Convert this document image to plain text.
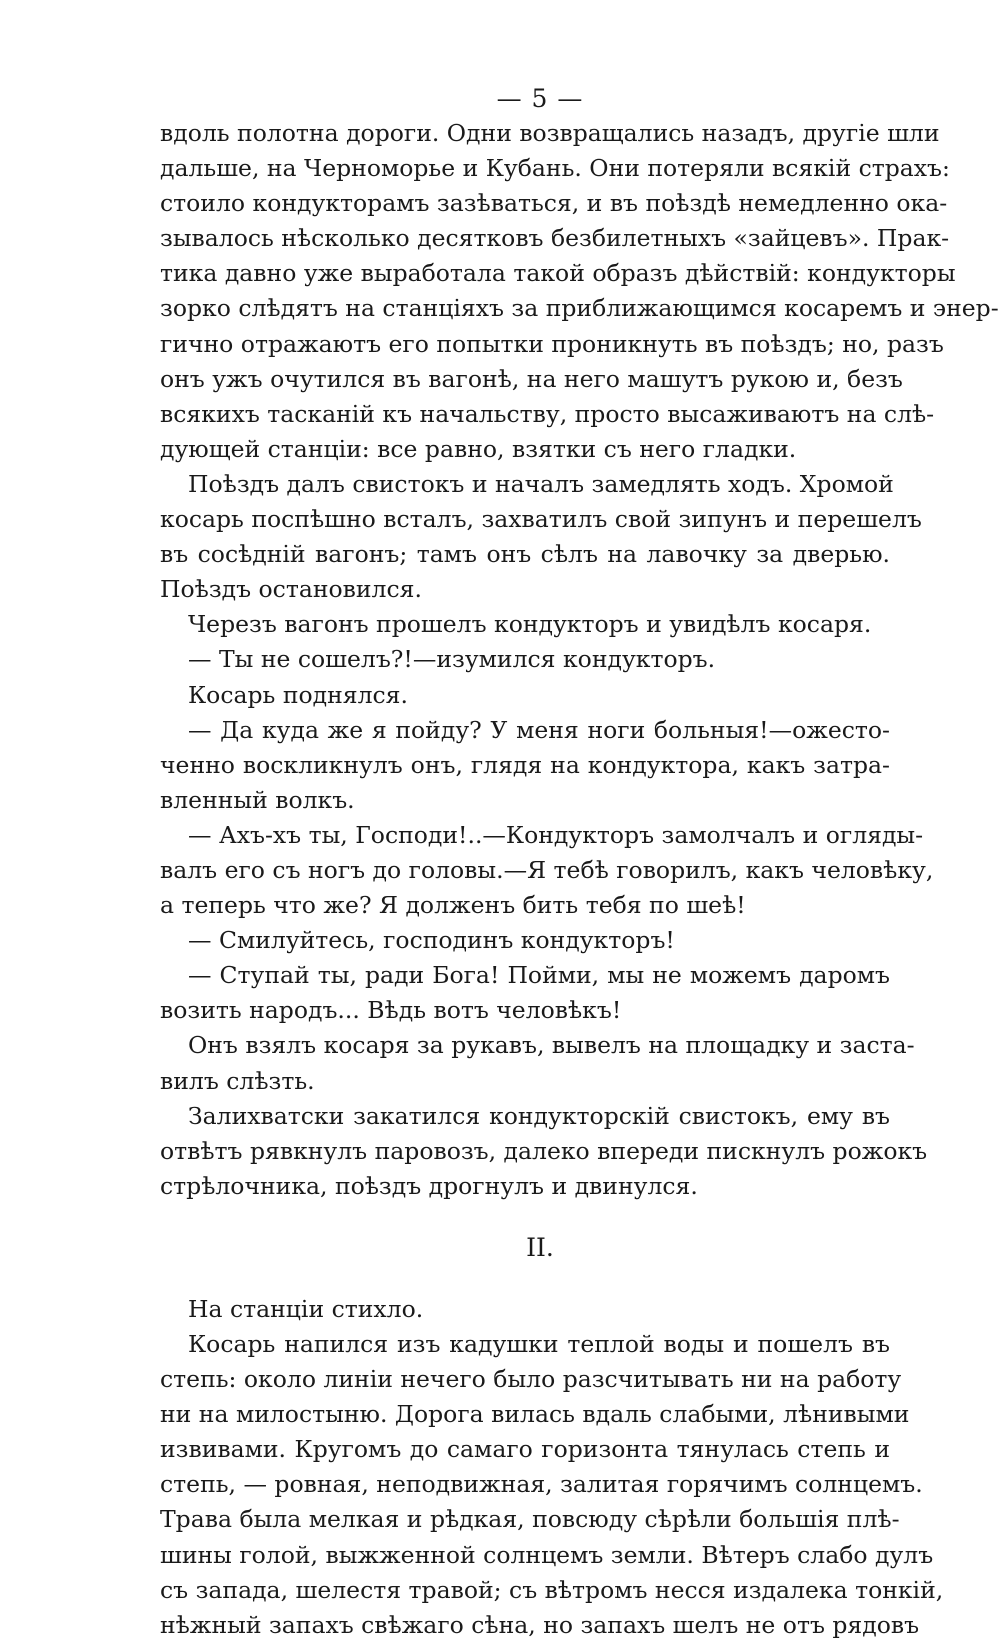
— 5 —
вдоль полотна дороги. Одни возвращались назадъ, другіе шли
дальше, на Черноморье и Кубань. Они потеряли всякій страхъ:
стоило кондукторамъ зазѣваться, и въ поѣздѣ немедленно ока-
зывалось нѣсколько десятковъ безбилетныхъ «зайцевъ». Прак-
тика давно уже выработала такой образъ дѣйствій: кондукторы
зорко слѣдятъ на станціяхъ за приближающимся косаремъ и энер-
гично отражаютъ его попытки проникнуть въ поѣздъ; но, разъ
онъ ужъ очутился въ вагонѣ, на него машутъ рукою и, безъ
всякихъ тасканій къ начальству, просто высаживаютъ на слѣ-
дующей станціи: все равно, взятки съ него гладки.
Поѣздъ далъ свистокъ и началъ замедлять ходъ. Хромой
косарь поспѣшно всталъ, захватилъ свой зипунъ и перешелъ
въ сосѣдній вагонъ; тамъ онъ сѣлъ на лавочку за дверью.
Поѣздъ остановился.
Черезъ вагонъ прошелъ кондукторъ и увидѣлъ косаря.
— Ты не сошелъ?!—изумился кондукторъ.
Косарь поднялся.
— Да куда же я пойду? У меня ноги больныя!—ожесто-
ченно воскликнулъ онъ, глядя на кондуктора, какъ затра-
вленный волкъ.
— Ахъ-хъ ты, Господи!..—Кондукторъ замолчалъ и огляды-
валъ его съ ногъ до головы.—Я тебѣ говорилъ, какъ человѣку,
а теперь что же? Я долженъ бить тебя по шеѣ!
— Смилуйтесь, господинъ кондукторъ!
— Ступай ты, ради Бога! Пойми, мы не можемъ даромъ
возить народъ... Вѣдь вотъ человѣкъ!
Онъ взялъ косаря за рукавъ, вывелъ на площадку и заста-
вилъ слѣзть.
Залихватски закатился кондукторскій свистокъ, ему въ
отвѣтъ рявкнулъ паровозъ, далеко впереди пискнулъ рожокъ
стрѣлочника, поѣздъ дрогнулъ и двинулся.
II.
На станціи стихло.
Косарь напился изъ кадушки теплой воды и пошелъ въ
степь: около линіи нечего было разсчитывать ни на работу
ни на милостыню. Дорога вилась вдаль слабыми, лѣнивыми
извивами. Кругомъ до самаго горизонта тянулась степь и
степь, — ровная, неподвижная, залитая горячимъ солнцемъ.
Трава была мелкая и рѣдкая, повсюду сѣрѣли большія плѣ-
шины голой, выжженной солнцемъ земли. Вѣтеръ слабо дулъ
съ запада, шелестя травой; съ вѣтромъ несся издалека тонкій,
нѣжный запахъ свѣжаго сѣна, но запахъ шелъ не отъ рядовъ
